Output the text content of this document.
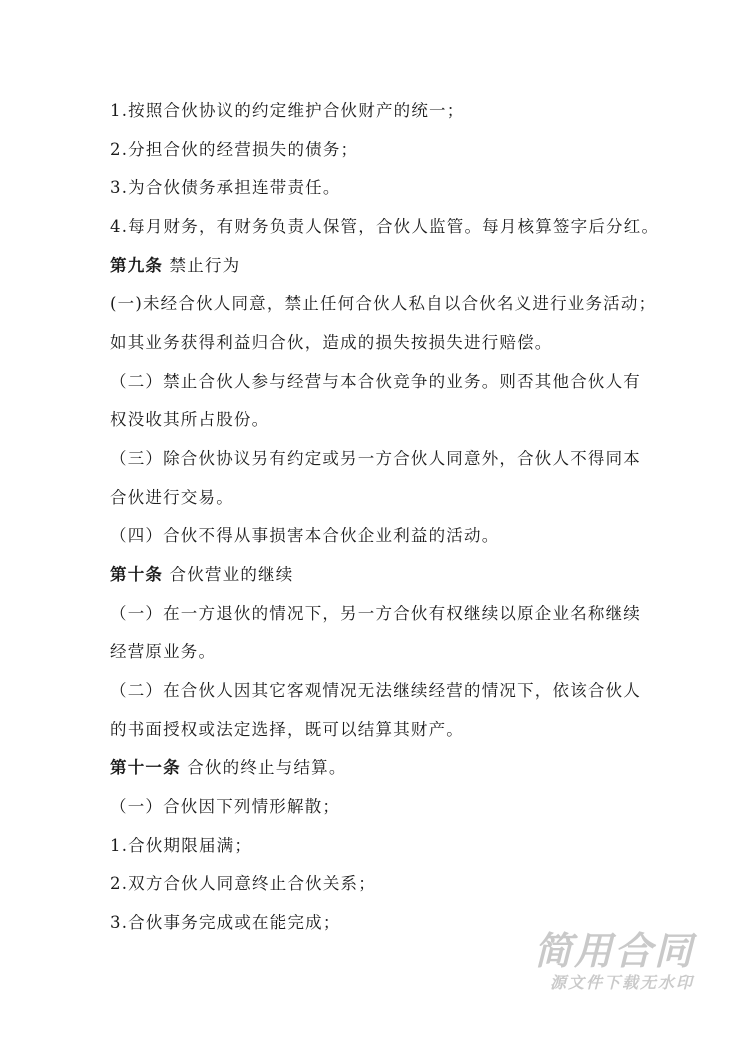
1.按照合伙协议的约定维护合伙财产的统一；
2.分担合伙的经营损失的债务；
3.为合伙债务承担连带责任。
4.每月财务，有财务负责人保管，合伙人监管。每月核算签字后分红。
第九条 禁止行为
(一)未经合伙人同意，禁止任何合伙人私自以合伙名义进行业务活动；
如其业务获得利益归合伙，造成的损失按损失进行赔偿。
（二）禁止合伙人参与经营与本合伙竞争的业务。则否其他合伙人有
权没收其所占股份。
（三）除合伙协议另有约定或另一方合伙人同意外，合伙人不得同本
合伙进行交易。
（四）合伙不得从事损害本合伙企业利益的活动。
第十条 合伙营业的继续
（一）在一方退伙的情况下，另一方合伙有权继续以原企业名称继续
经营原业务。
（二）在合伙人因其它客观情况无法继续经营的情况下，依该合伙人
的书面授权或法定选择，既可以结算其财产。
第十一条 合伙的终止与结算。
（一）合伙因下列情形解散；
1.合伙期限届满；
2.双方合伙人同意终止合伙关系；
3.合伙事务完成或在能完成；
简用合同
源文件下载无水印
